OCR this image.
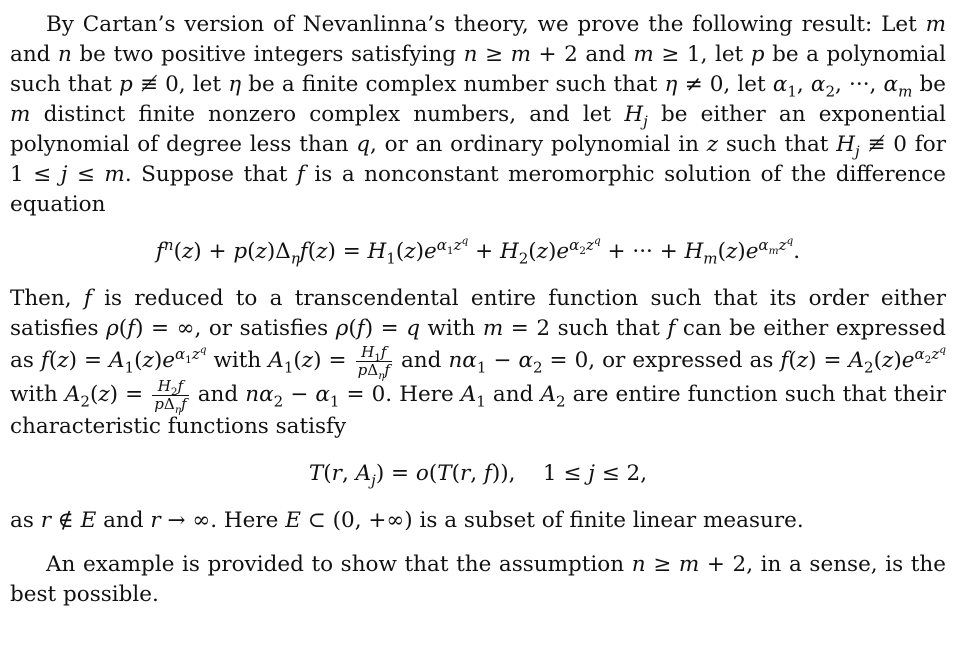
By Cartan’s version of Nevanlinna’s theory, we prove the following result: Let m and n be two positive integers satisfying n ≥ m + 2 and m ≥ 1, let p be a polynomial such that p ≢ 0, let η be a finite complex number such that η ≠ 0, let $\alpha_1$, $\alpha_2$, ···, $\alpha_m$ be m distinct finite nonzero complex numbers, and let $H_j$ be either an exponential polynomial of degree less than q, or an ordinary polynomial in z such that $H_j$ ≢ 0 for 1 ≤ j ≤ m. Suppose that f is a nonconstant meromorphic solution of the difference equation

$f^n(z) + p(z)\Delta_\eta f(z) = H_1(z)e^{\alpha_1z^q} + H_2(z)e^{\alpha_2z^q}$ + ··· + $H_m(z)e^{\alpha_mz^q}$.

Then, f is reduced to a transcendental entire function such that its order either satisfies ρ(f) = ∞, or satisfies ρ(f) = q with m = 2 such that f can be either expressed as $f(z) = A_1(z)e^{\alpha_1z^q}$ with $A_1(z) = \frac{H_1f}{p\Delta_\eta f}$ and $n\alpha_1 - \alpha_2 = 0$, or expressed as $f(z) = A_2(z)e^{\alpha_2z^q}$ with $A_2(z) = \frac{H_2f}{p\Delta_\eta f}$ and $n\alpha_2 - \alpha_1 = 0$. Here $A_1$ and $A_2$ are entire function such that their characteristic functions satisfy

T(r, $A_j) = o(T(r$, f)),    1 ≤ j ≤ 2,

as r ∉ E and r → ∞. Here E ⊂ (0, +∞) is a subset of finite linear measure.

An example is provided to show that the assumption n ≥ m + 2, in a sense, is the best possible.
